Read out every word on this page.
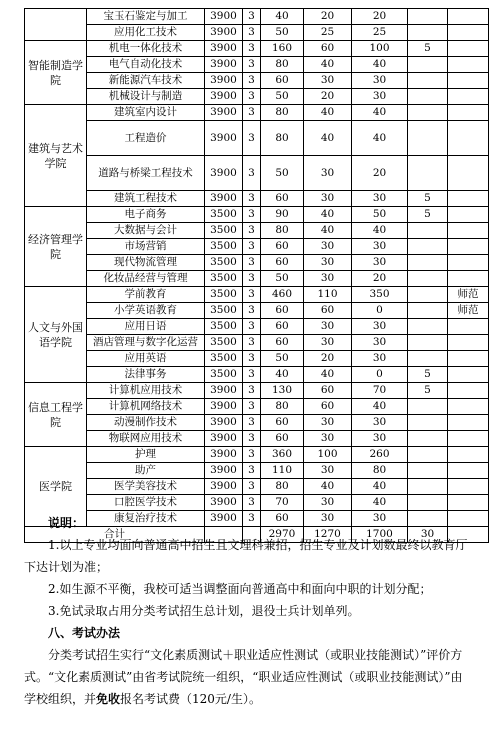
	宝玉石鉴定与加工	3900	3	40	20	20		
	应用化工技术	3900	3	50	25	25		
智能制造学院	机电一体化技术	3900	3	160	60	100	5	
	电气自动化技术	3900	3	80	40	40		
	新能源汽车技术	3900	3	60	30	30		
	机械设计与制造	3900	3	50	20	30		
建筑与艺术学院	建筑室内设计	3900	3	80	40	40		
	工程造价	3900	3	80	40	40		
	道路与桥梁工程技术	3900	3	50	30	20		
	建筑工程技术	3900	3	60	30	30	5	
经济管理学院	电子商务	3500	3	90	40	50	5	
	大数据与会计	3500	3	80	40	40		
	市场营销	3500	3	60	30	30		
	现代物流管理	3500	3	60	30	30		
	化妆品经营与管理	3500	3	50	30	20		
人文与外国语学院	学前教育	3500	3	460	110	350		师范
	小学英语教育	3500	3	60	60	0		师范
	应用日语	3500	3	60	30	30		
	酒店管理与数字化运营	3500	3	60	30	30		
	应用英语	3500	3	50	20	30		
	法律事务	3500	3	40	40	0	5	
信息工程学院	计算机应用技术	3900	3	130	60	70	5	
	计算机网络技术	3900	3	80	60	40		
	动漫制作技术	3900	3	60	30	30		
	物联网应用技术	3900	3	60	30	30		
医学院	护理	3900	3	360	100	260		
	助产	3900	3	110	30	80		
	医学美容技术	3900	3	80	40	40		
	口腔医学技术	3900	3	70	30	40		
	康复治疗技术	3900	3	60	30	30		
合计				2970	1270	1700	30	

说明：

1.以上专业均面向普通高中招生且文理科兼招，招生专业及计划数最终以教育厅下达计划为准；

2.如生源不平衡，我校可适当调整面向普通高中和面向中职的计划分配；

3.免试录取占用分类考试招生总计划，退役士兵计划单列。

八、考试办法

分类考试招生实行“文化素质测试＋职业适应性测试（或职业技能测试）”评价方式。“文化素质测试”由省考试院统一组织，“职业适应性测试（或职业技能测试）”由学校组织，并免收报名考试费（120元/生）。
